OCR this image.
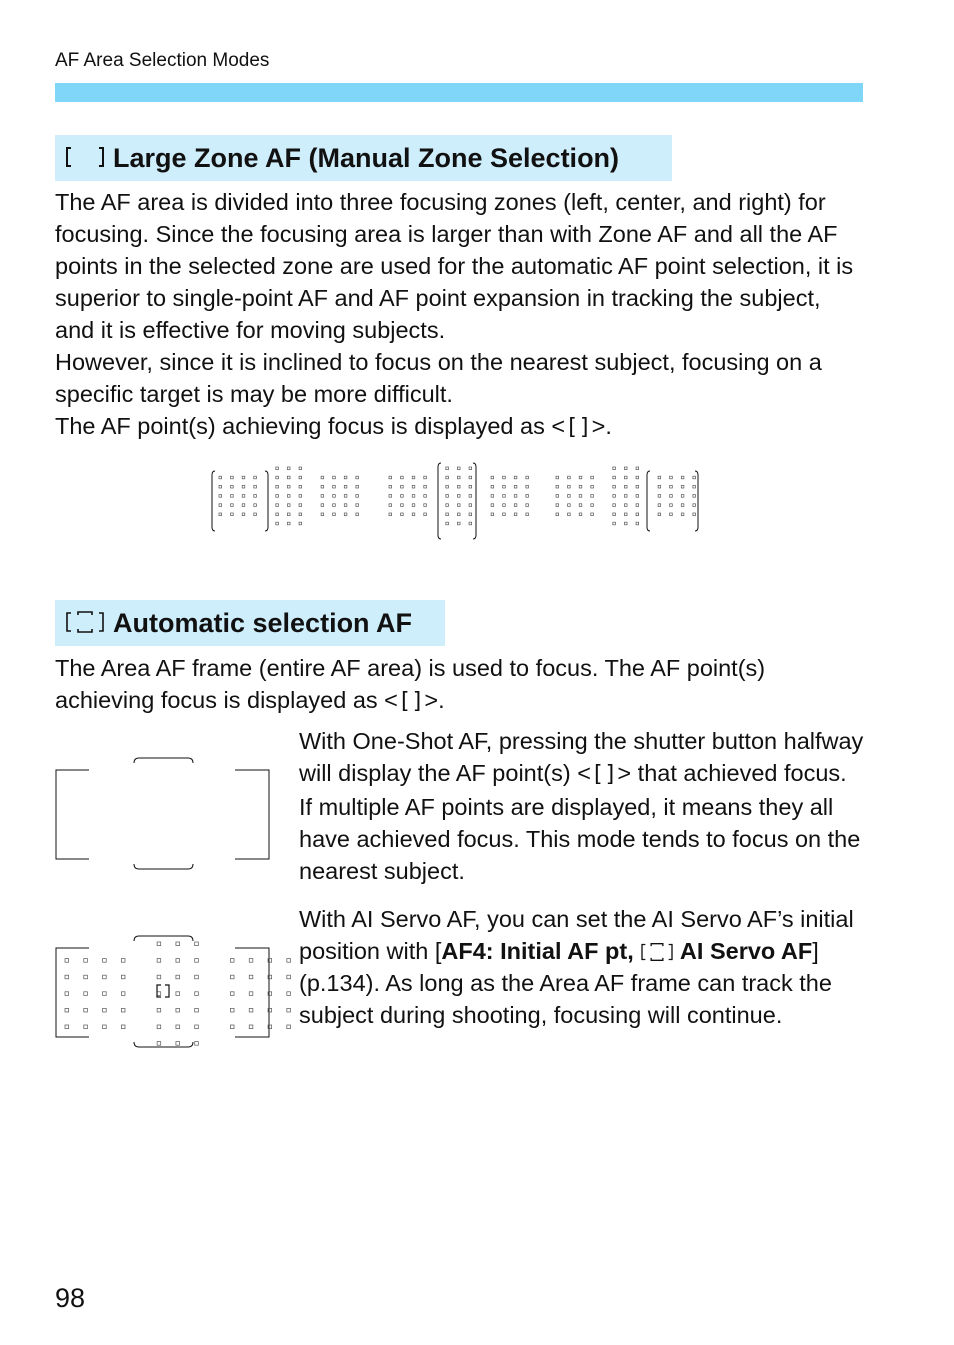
AF Area Selection Modes
Large Zone AF (Manual Zone Selection)
The AF area is divided into three focusing zones (left, center, and right) for focusing. Since the focusing area is larger than with Zone AF and all the AF points in the selected zone are used for the automatic AF point selection, it is superior to single-point AF and AF point expansion in tracking the subject, and it is effective for moving subjects.
However, since it is inclined to focus on the nearest subject, focusing on a specific target is may be more difficult.
The AF point(s) achieving focus is displayed as <[]>.
Automatic selection AF
The Area AF frame (entire AF area) is used to focus. The AF point(s) achieving focus is displayed as <[]>.
With One-Shot AF, pressing the shutter button halfway will display the AF point(s) <[]> that achieved focus. If multiple AF points are displayed, it means they all have achieved focus. This mode tends to focus on the nearest subject.
With AI Servo AF, you can set the AI Servo AF’s initial position with [AF4: Initial AF pt,  AI Servo AF] (p.134). As long as the Area AF frame can track the subject during shooting, focusing will continue.
98
